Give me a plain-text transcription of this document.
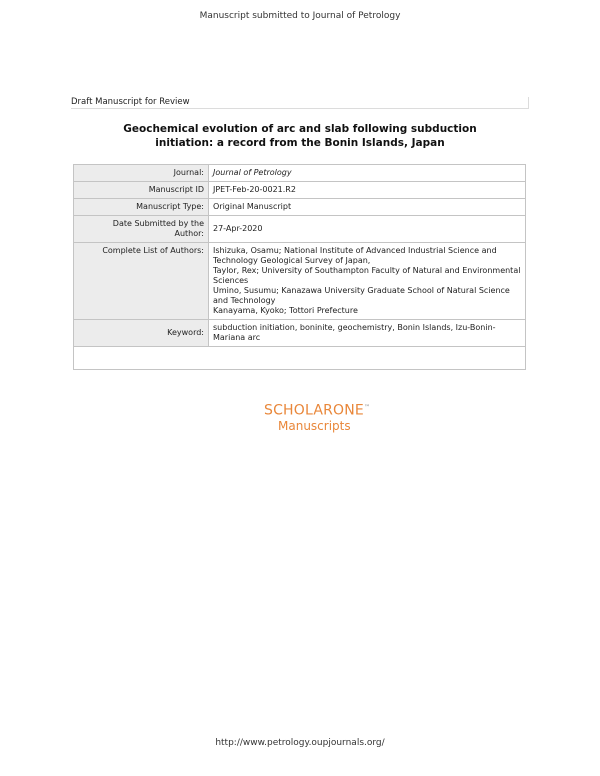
Manuscript submitted to Journal of Petrology
Draft Manuscript for Review
Geochemical evolution of arc and slab following subduction
initiation: a record from the Bonin Islands, Japan
Journal:	Journal of Petrology
Manuscript ID	JPET-Feb-20-0021.R2
Manuscript Type:	Original Manuscript

Date Submitted by the
Author:	27-Apr-2020
Complete List of Authors:	Ishizuka, Osamu; National Institute of Advanced Industrial Science and Technology Geological Survey of Japan,
Taylor, Rex; University of Southampton Faculty of Natural and Environmental Sciences
Umino, Susumu; Kanazawa University Graduate School of Natural Science and Technology
Kanayama, Kyoko; Tottori Prefecture

Keyword:	subduction initiation, boninite, geochemistry, Bonin Islands, Izu-Bonin-Mariana arc

SCHOLARONE™
Manuscripts
http://www.petrology.oupjournals.org/
